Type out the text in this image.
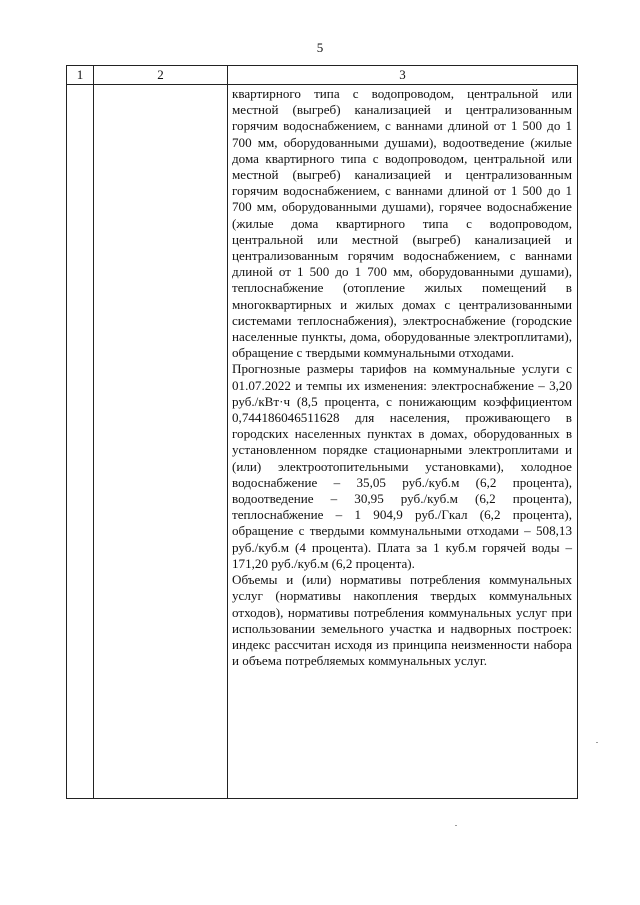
5
1	2	3

		квартирного типа с водопроводом, центральной или местной (выгреб) канализацией и централизованным горячим водоснабжением, с ваннами длиной от 1 500 до 1 700 мм, оборудованными душами), водоотведение (жилые дома квартирного типа с водопроводом, центральной или местной (выгреб) канализацией и централизованным горячим водоснабжением, с ваннами длиной от 1 500 до 1 700 мм, оборудованными душами), горячее водоснабжение (жилые дома квартирного типа с водопроводом, центральной или местной (выгреб) канализацией и централизованным горячим водоснабжением, с ваннами длиной от 1 500 до 1 700 мм, оборудованными душами), теплоснабжение (отопление жилых помещений в многоквартирных и жилых домах с централизованными системами теплоснабжения), электроснабжение (городские населенные пункты, дома, оборудованные электроплитами), обращение с твердыми коммунальными отходами.

Прогнозные размеры тарифов на коммунальные услуги с 01.07.2022 и темпы их изменения: электроснабжение – 3,20 руб./кВт·ч (8,5 процента, с понижающим коэффициентом 0,744186046511628 для населения, проживающего в городских населенных пунктах в домах, оборудованных в установленном порядке стационарными электроплитами и (или) электроотопительными установками), холодное водоснабжение – 35,05 руб./куб.м (6,2 процента), водоотведение – 30,95 руб./куб.м (6,2 процента), теплоснабжение – 1 904,9 руб./Гкал (6,2 процента), обращение с твердыми коммунальными отходами – 508,13 руб./куб.м (4 процента). Плата за 1 куб.м горячей воды – 171,20 руб./куб.м (6,2 процента).

Объемы и (или) нормативы потребления коммунальных услуг (нормативы накопления твердых коммунальных отходов), нормативы потребления коммунальных услуг при использовании земельного участка и надворных построек: индекс рассчитан исходя из принципа неизменности набора и объема потребляемых коммунальных услуг.
